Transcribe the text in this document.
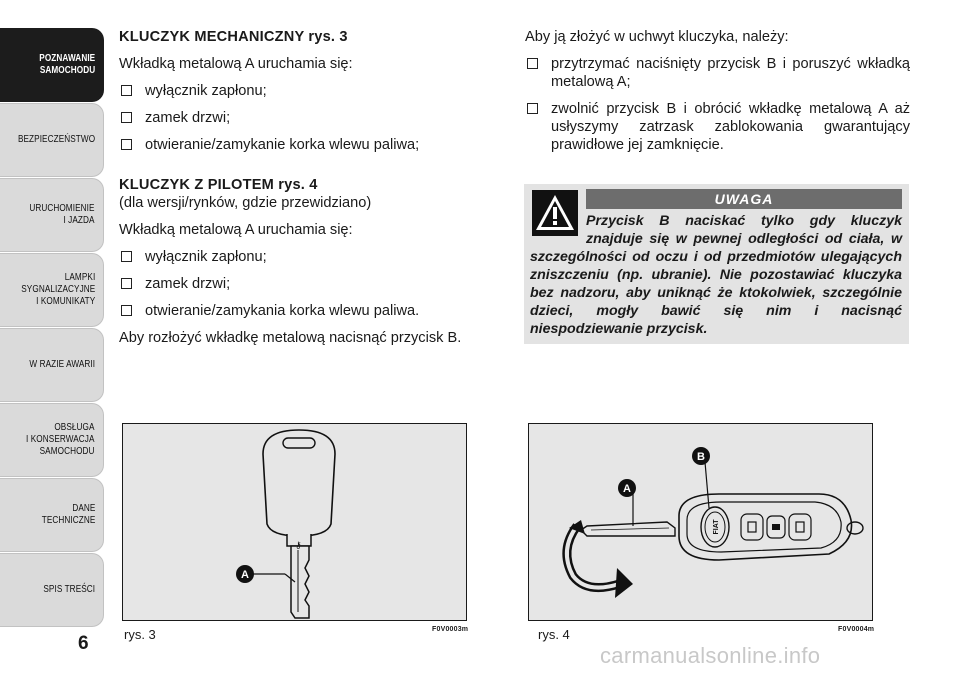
POZNAWANIE
SAMOCHODU
BEZPIECZEŃSTWO
URUCHOMIENIE
I JAZDA
LAMPKI
SYGNALIZACYJNE
I KOMUNIKATY
W RAZIE AWARII
OBSŁUGA
I KONSERWACJA
SAMOCHODU
DANE
TECHNICZNE
SPIS TREŚCI
6

KLUCZYK MECHANICZNY rys. 3

Wkładką metalową A uruchamia się:

wyłącznik zapłonu;
zamek drzwi;
otwieranie/zamykanie korka wlewu paliwa;

KLUCZYK Z PILOTEM rys. 4

(dla wersji/rynków, gdzie przewidziano)

Wkładką metalową A uruchamia się:

wyłącznik zapłonu;
zamek drzwi;
otwieranie/zamykania korka wlewu paliwa.

Aby rozłożyć wkładkę metalową nacisnąć przycisk B.

Aby ją złożyć w uchwyt kluczyka, należy:

przytrzymać naciśnięty przycisk B i poruszyć wkładką metalową A;
zwolnić przycisk B i obrócić wkładkę metalową A aż usłyszymy zatrzask zablokowania gwarantujący prawidłowe jej zamknięcie.
UWAGA
Przycisk B naciskać tylko gdy kluczyk znajduje się w pewnej odległości od ciała, w szczególności od oczu i od przedmiotów ulegających zniszczeniu (np. ubranie). Nie pozostawiać kluczyka bez nadzoru, aby uniknąć że ktokolwiek, szczególnie dzieci, mogły bawić się nim i nacisnąć niespodziewanie przycisk.
⚷
A
rys. 3	F0V0003m
FIAT
A
B
rys. 4	F0V0004m
carmanualsonline.info
